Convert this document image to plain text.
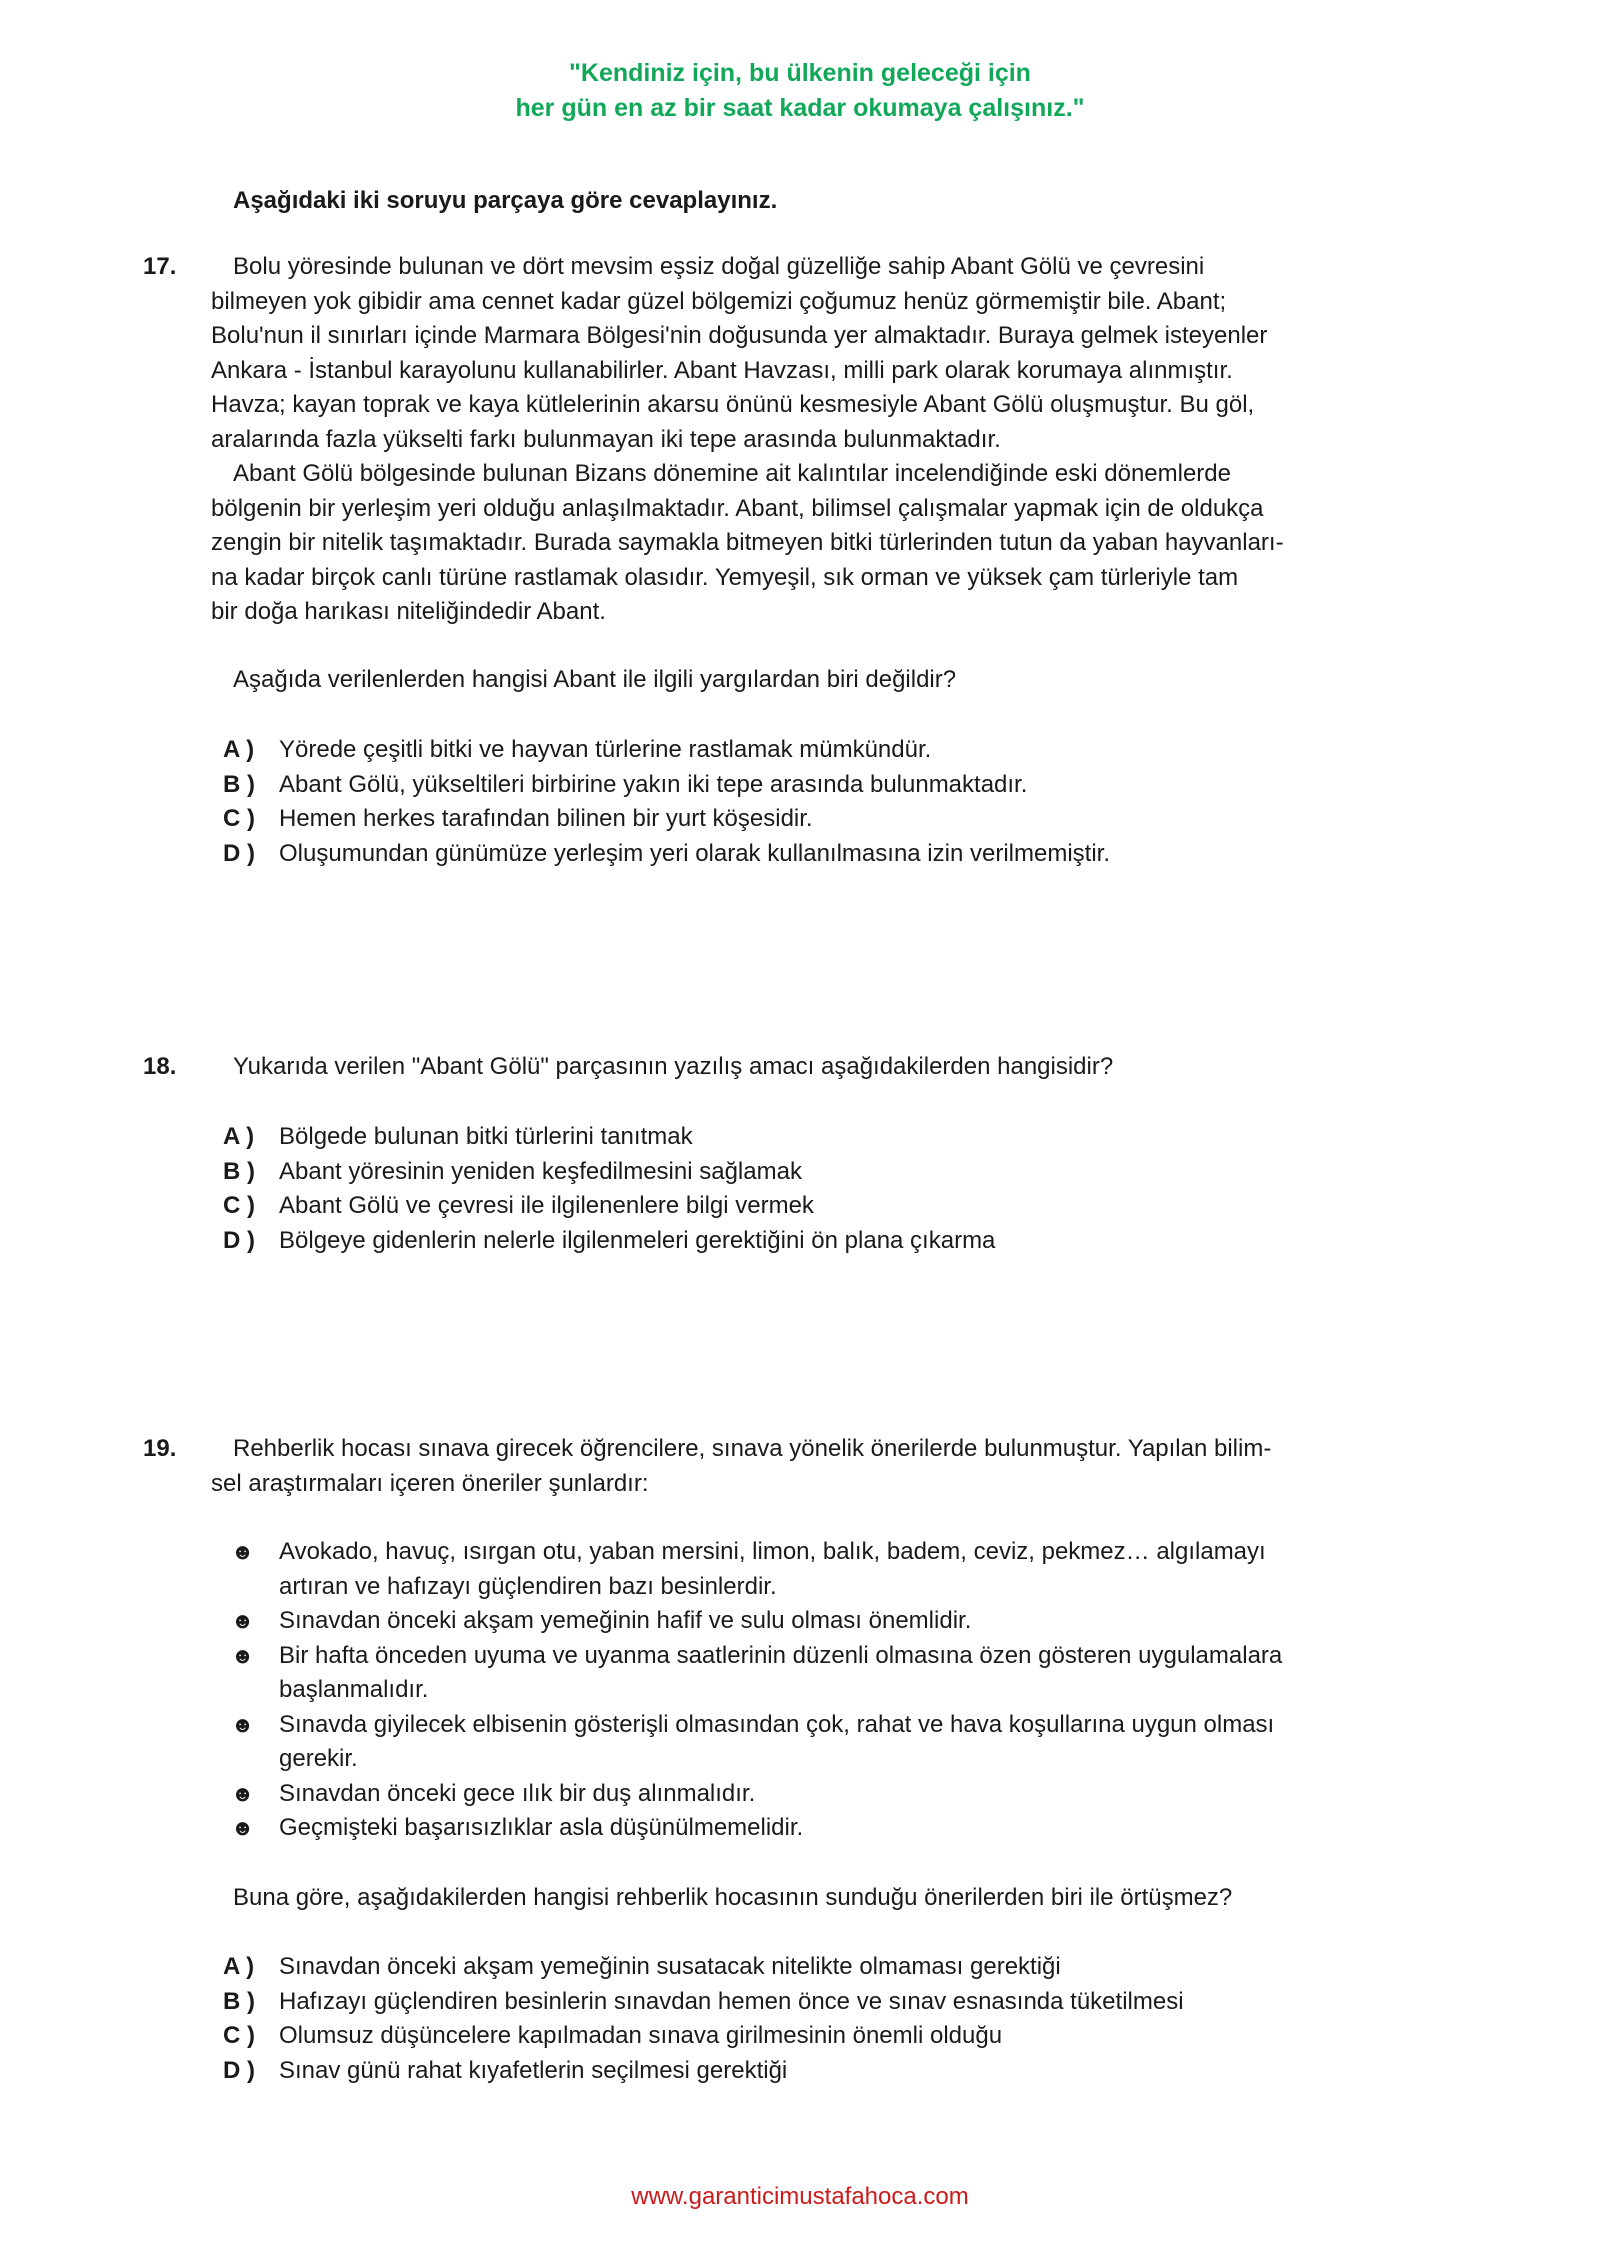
"Kendiniz için, bu ülkenin geleceği için
her gün en az bir saat kadar okumaya çalışınız."
Aşağıdaki iki soruyu parçaya göre cevaplayınız.
17.	Bolu yöresinde bulunan ve dört mevsim eşsiz doğal güzelliğe sahip Abant Gölü ve çevresini
bilmeyen yok gibidir ama cennet kadar güzel bölgemizi çoğumuz henüz görmemiştir bile. Abant;
Bolu'nun il sınırları içinde Marmara Bölgesi'nin doğusunda yer almaktadır. Buraya gelmek isteyenler
Ankara - İstanbul karayolunu kullanabilirler. Abant Havzası, milli park olarak korumaya alınmıştır.
Havza; kayan toprak ve kaya kütlelerinin akarsu önünü kesmesiyle Abant Gölü oluşmuştur. Bu göl,
aralarında fazla yükselti farkı bulunmayan iki tepe arasında bulunmaktadır.

Abant Gölü bölgesinde bulunan Bizans dönemine ait kalıntılar incelendiğinde eski dönemlerde
bölgenin bir yerleşim yeri olduğu anlaşılmaktadır. Abant, bilimsel çalışmalar yapmak için de oldukça
zengin bir nitelik taşımaktadır. Burada saymakla bitmeyen bitki türlerinden tutun da yaban hayvanları-
na kadar birçok canlı türüne rastlamak olasıdır. Yemyeşil, sık orman ve yüksek çam türleriyle tam
bir doğa harıkası niteliğindedir Abant.

Aşağıda verilenlerden hangisi Abant ile ilgili yargılardan biri değildir?
A ) Yörede çeşitli bitki ve hayvan türlerine rastlamak mümkündür.
B ) Abant Gölü, yükseltileri birbirine yakın iki tepe arasında bulunmaktadır.
C ) Hemen herkes tarafından bilinen bir yurt köşesidir.
D ) Oluşumundan günümüze yerleşim yeri olarak kullanılmasına izin verilmemiştir.
18. Yukarıda verilen "Abant Gölü" parçasının yazılış amacı aşağıdakilerden hangisidir?
A ) Bölgede bulunan bitki türlerini tanıtmak
B ) Abant yöresinin yeniden keşfedilmesini sağlamak
C ) Abant Gölü ve çevresi ile ilgilenenlere bilgi vermek
D ) Bölgeye gidenlerin nelerle ilgilenmeleri gerektiğini ön plana çıkarma
19.	Rehberlik hocası sınava girecek öğrencilere, sınava yönelik önerilerde bulunmuştur. Yapılan bilim-
sel araştırmaları içeren öneriler şunlardır:

☻ Avokado, havuç, ısırgan otu, yaban mersini, limon, balık, badem, ceviz, pekmez… algılamayı
artıran ve hafızayı güçlendiren bazı besinlerdir.
☻ Sınavdan önceki akşam yemeğinin hafif ve sulu olması önemlidir.
☻ Bir hafta önceden uyuma ve uyanma saatlerinin düzenli olmasına özen gösteren uygulamalara
başlanmalıdır.
☻ Sınavda giyilecek elbisenin gösterişli olmasından çok, rahat ve hava koşullarına uygun olması
gerekir.
☻ Sınavdan önceki gece ılık bir duş alınmalıdır.
☻ Geçmişteki başarısızlıklar asla düşünülmemelidir.
Buna göre, aşağıdakilerden hangisi rehberlik hocasının sunduğu önerilerden biri ile örtüşmez?
A ) Sınavdan önceki akşam yemeğinin susatacak nitelikte olmaması gerektiği
B ) Hafızayı güçlendiren besinlerin sınavdan hemen önce ve sınav esnasında tüketilmesi
C ) Olumsuz düşüncelere kapılmadan sınava girilmesinin önemli olduğu
D ) Sınav günü rahat kıyafetlerin seçilmesi gerektiği
www.garanticimustafahoca.com
